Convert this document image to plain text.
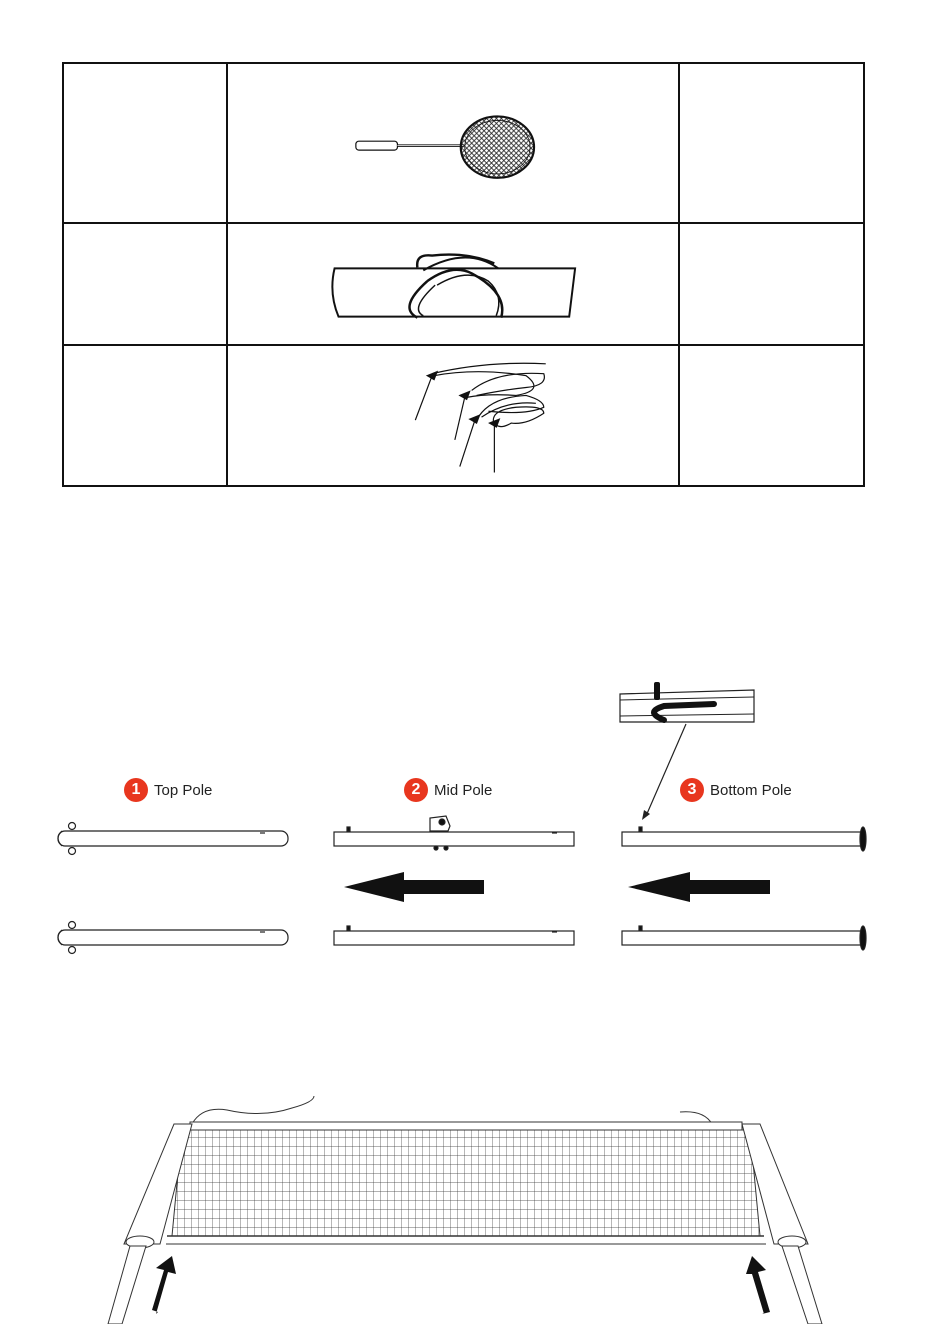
1 Top Pole	2 Mid Pole	3 Bottom Pole
